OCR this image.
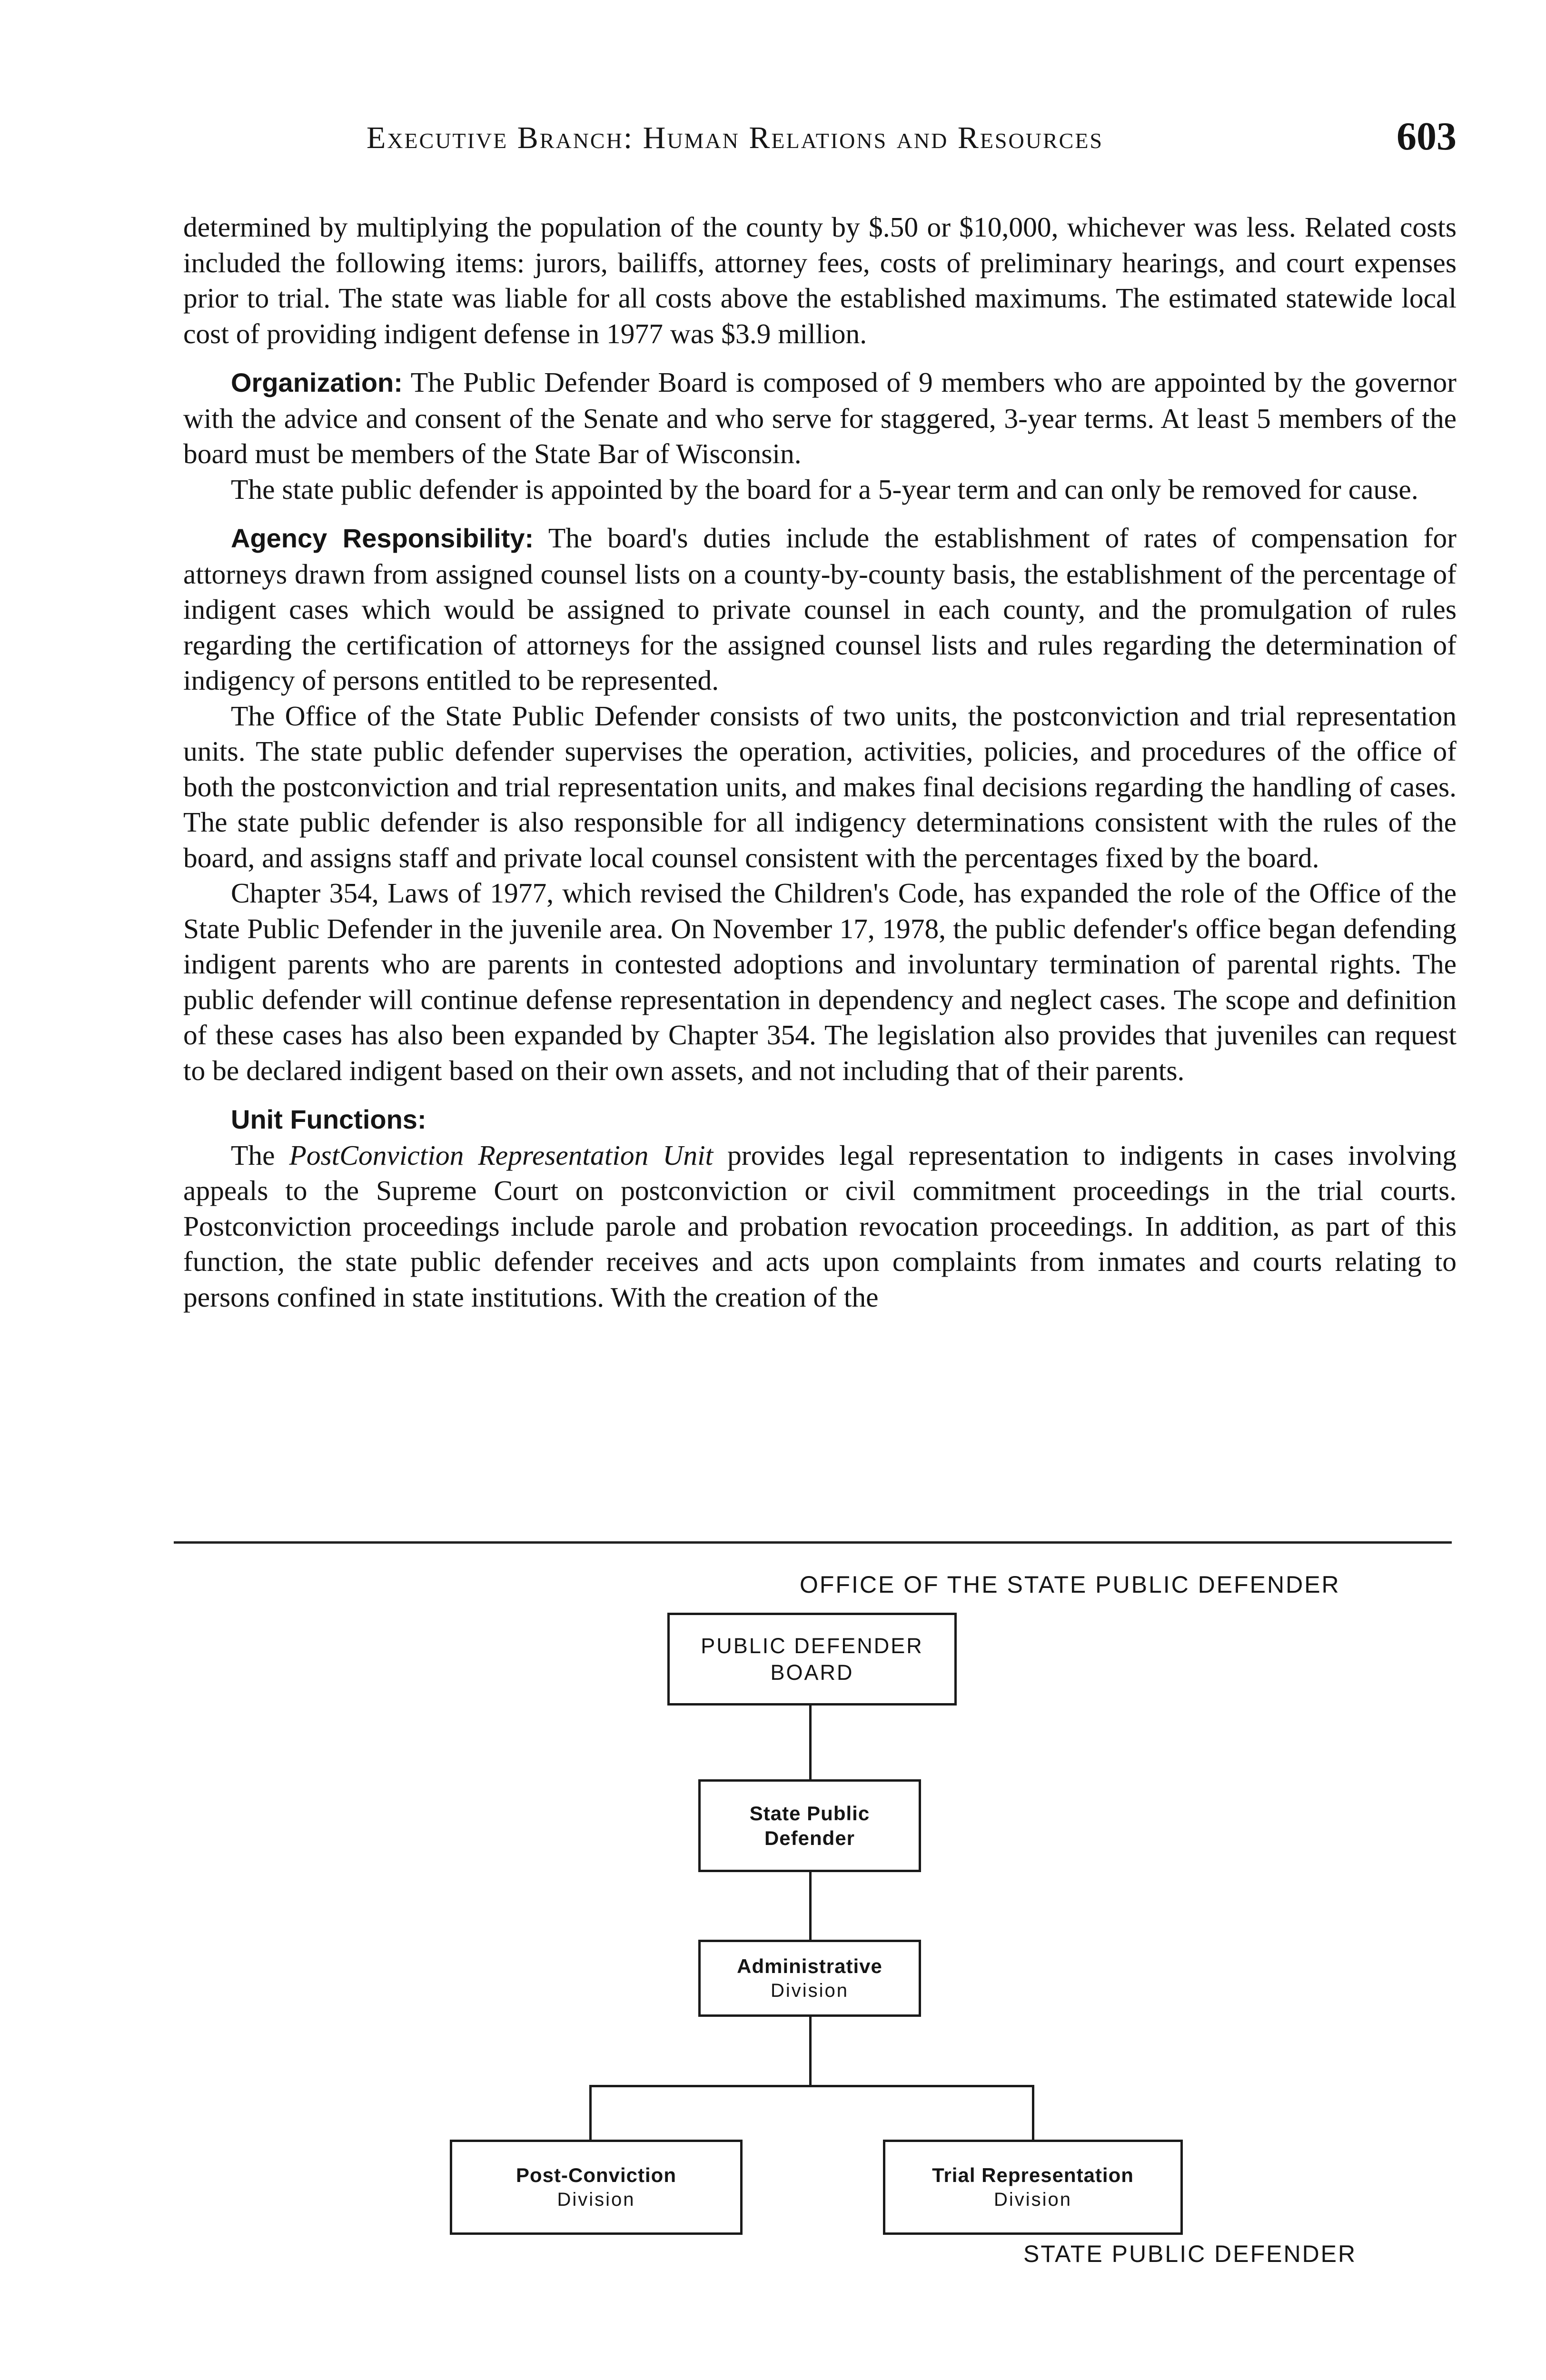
Executive Branch: Human Relations and Resources	603

determined by multiplying the population of the county by $.50 or $10,000, whichever was less. Related costs included the following items: jurors, bailiffs, attorney fees, costs of preliminary hearings, and court expenses prior to trial. The state was liable for all costs above the established maximums. The estimated statewide local cost of providing indigent defense in 1977 was $3.9 million.

Organization: The Public Defender Board is composed of 9 members who are appointed by the governor with the advice and consent of the Senate and who serve for staggered, 3-year terms. At least 5 members of the board must be members of the State Bar of Wisconsin.

The state public defender is appointed by the board for a 5-year term and can only be removed for cause.

Agency Responsibility: The board's duties include the establishment of rates of compensation for attorneys drawn from assigned counsel lists on a county-by-county basis, the establishment of the percentage of indigent cases which would be assigned to private counsel in each county, and the promulgation of rules regarding the certification of attorneys for the assigned counsel lists and rules regarding the determination of indigency of persons entitled to be represented.

The Office of the State Public Defender consists of two units, the postconviction and trial representation units. The state public defender supervises the operation, activities, policies, and procedures of the office of both the postconviction and trial representation units, and makes final decisions regarding the handling of cases. The state public defender is also responsible for all indigency determinations consistent with the rules of the board, and assigns staff and private local counsel consistent with the percentages fixed by the board.

Chapter 354, Laws of 1977, which revised the Children's Code, has expanded the role of the Office of the State Public Defender in the juvenile area. On November 17, 1978, the public defender's office began defending indigent parents who are parents in contested adoptions and involuntary termination of parental rights. The public defender will continue defense representation in dependency and neglect cases. The scope and definition of these cases has also been expanded by Chapter 354. The legislation also provides that juveniles can request to be declared indigent based on their own assets, and not including that of their parents.

Unit Functions:

The PostConviction Representation Unit provides legal representation to indigents in cases involving appeals to the Supreme Court on postconviction or civil commitment proceedings in the trial courts. Postconviction proceedings include parole and probation revocation proceedings. In addition, as part of this function, the state public defender receives and acts upon complaints from inmates and courts relating to persons confined in state institutions. With the creation of the

OFFICE OF THE STATE PUBLIC DEFENDER
PUBLIC DEFENDER
BOARD
State Public
Defender
Administrative
Division
Post-Conviction
Division
Trial Representation
Division
STATE PUBLIC DEFENDER
